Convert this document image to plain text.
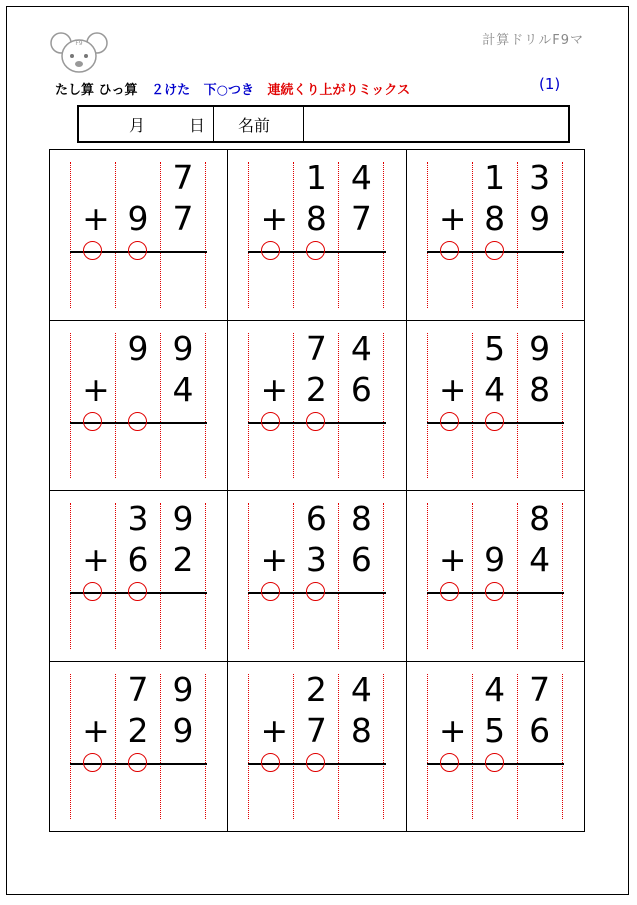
F9	計算ドリルF9マ
たし算 ひっ算 ２けた 下○つき 連続くり上がりミックス	(1)
月	日	名前
7
9 7
+
1 4
8 7
+
1 3
8 9
+
9 9
4
+
7 4
2 6
+
5 9
4 8
+
3 9
6 2
+
6 8
3 6
+
8
9 4
+
7 9
2 9
+
2 4
7 8
+
4 7
5 6
+
